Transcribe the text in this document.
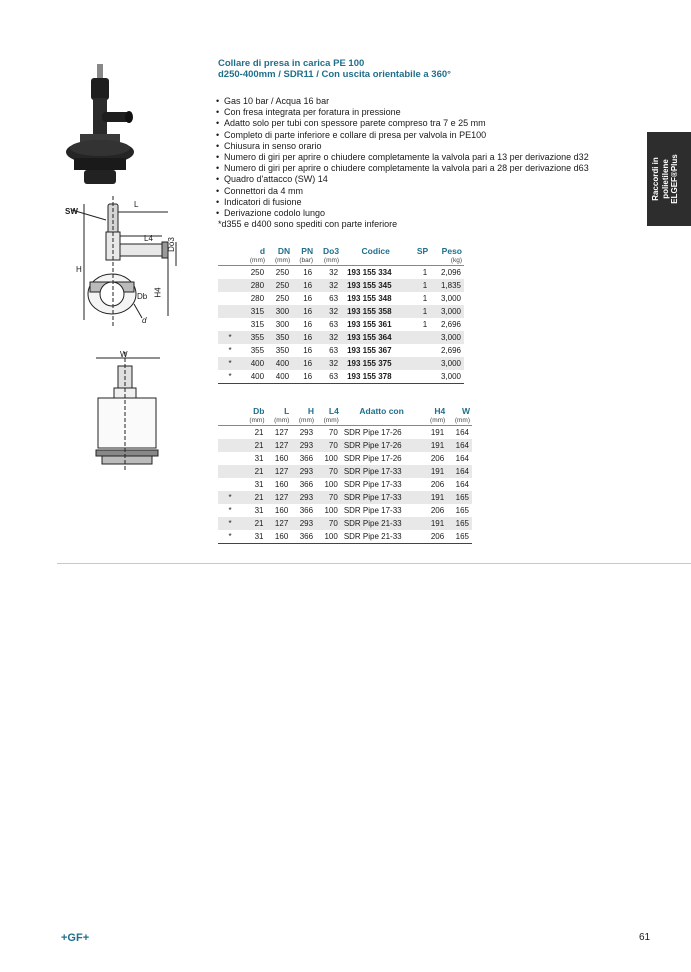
SW
L
L4 Do3
H
H4
Db
d
W
Collare di presa in carica PE 100
d250-400mm / SDR11 / Con uscita orientabile a 360°
• Gas 10 bar / Acqua 16 bar
• Con fresa integrata per foratura in pressione
• Adatto solo per tubi con spessore parete compreso tra 7 e 25 mm
• Completo di parte inferiore e collare di presa per valvola in PE100
• Chiusura in senso orario
• Numero di giri per aprire o chiudere completamente la valvola pari a 13 per derivazione d32
• Numero di giri per aprire o chiudere completamente la valvola pari a 28 per derivazione d63
• Quadro d'attacco (SW) 14
• Connettori da 4 mm
• Indicatori di fusione
• Derivazione codolo lungo
*d355 e d400 sono spediti con parte inferiore
Raccordi in polietilene ELGEF®Plus
	d	DN	PN	Do3	Codice	SP	Peso
	(mm)	(mm)	(bar)	(mm)			(kg)
	250	250	16	32	193 155 334	1	2,096
	280	250	16	32	193 155 345	1	1,835
	280	250	16	63	193 155 348	1	3,000
	315	300	16	32	193 155 358	1	3,000
	315	300	16	63	193 155 361	1	2,696
*	355	350	16	32	193 155 364		3,000
*	355	350	16	63	193 155 367		2,696
*	400	400	16	32	193 155 375		3,000
*	400	400	16	63	193 155 378		3,000
	Db	L	H	L4	Adatto con	H4	W
	(mm)	(mm)	(mm)	(mm)		(mm)	(mm)
	21	127	293	70	SDR Pipe 17-26	191	164
	21	127	293	70	SDR Pipe 17-26	191	164
	31	160	366	100	SDR Pipe 17-26	206	164
	21	127	293	70	SDR Pipe 17-33	191	164
	31	160	366	100	SDR Pipe 17-33	206	164
*	21	127	293	70	SDR Pipe 17-33	191	165
*	31	160	366	100	SDR Pipe 17-33	206	165
*	21	127	293	70	SDR Pipe 21-33	191	165
*	31	160	366	100	SDR Pipe 21-33	206	165
+GF+	61
